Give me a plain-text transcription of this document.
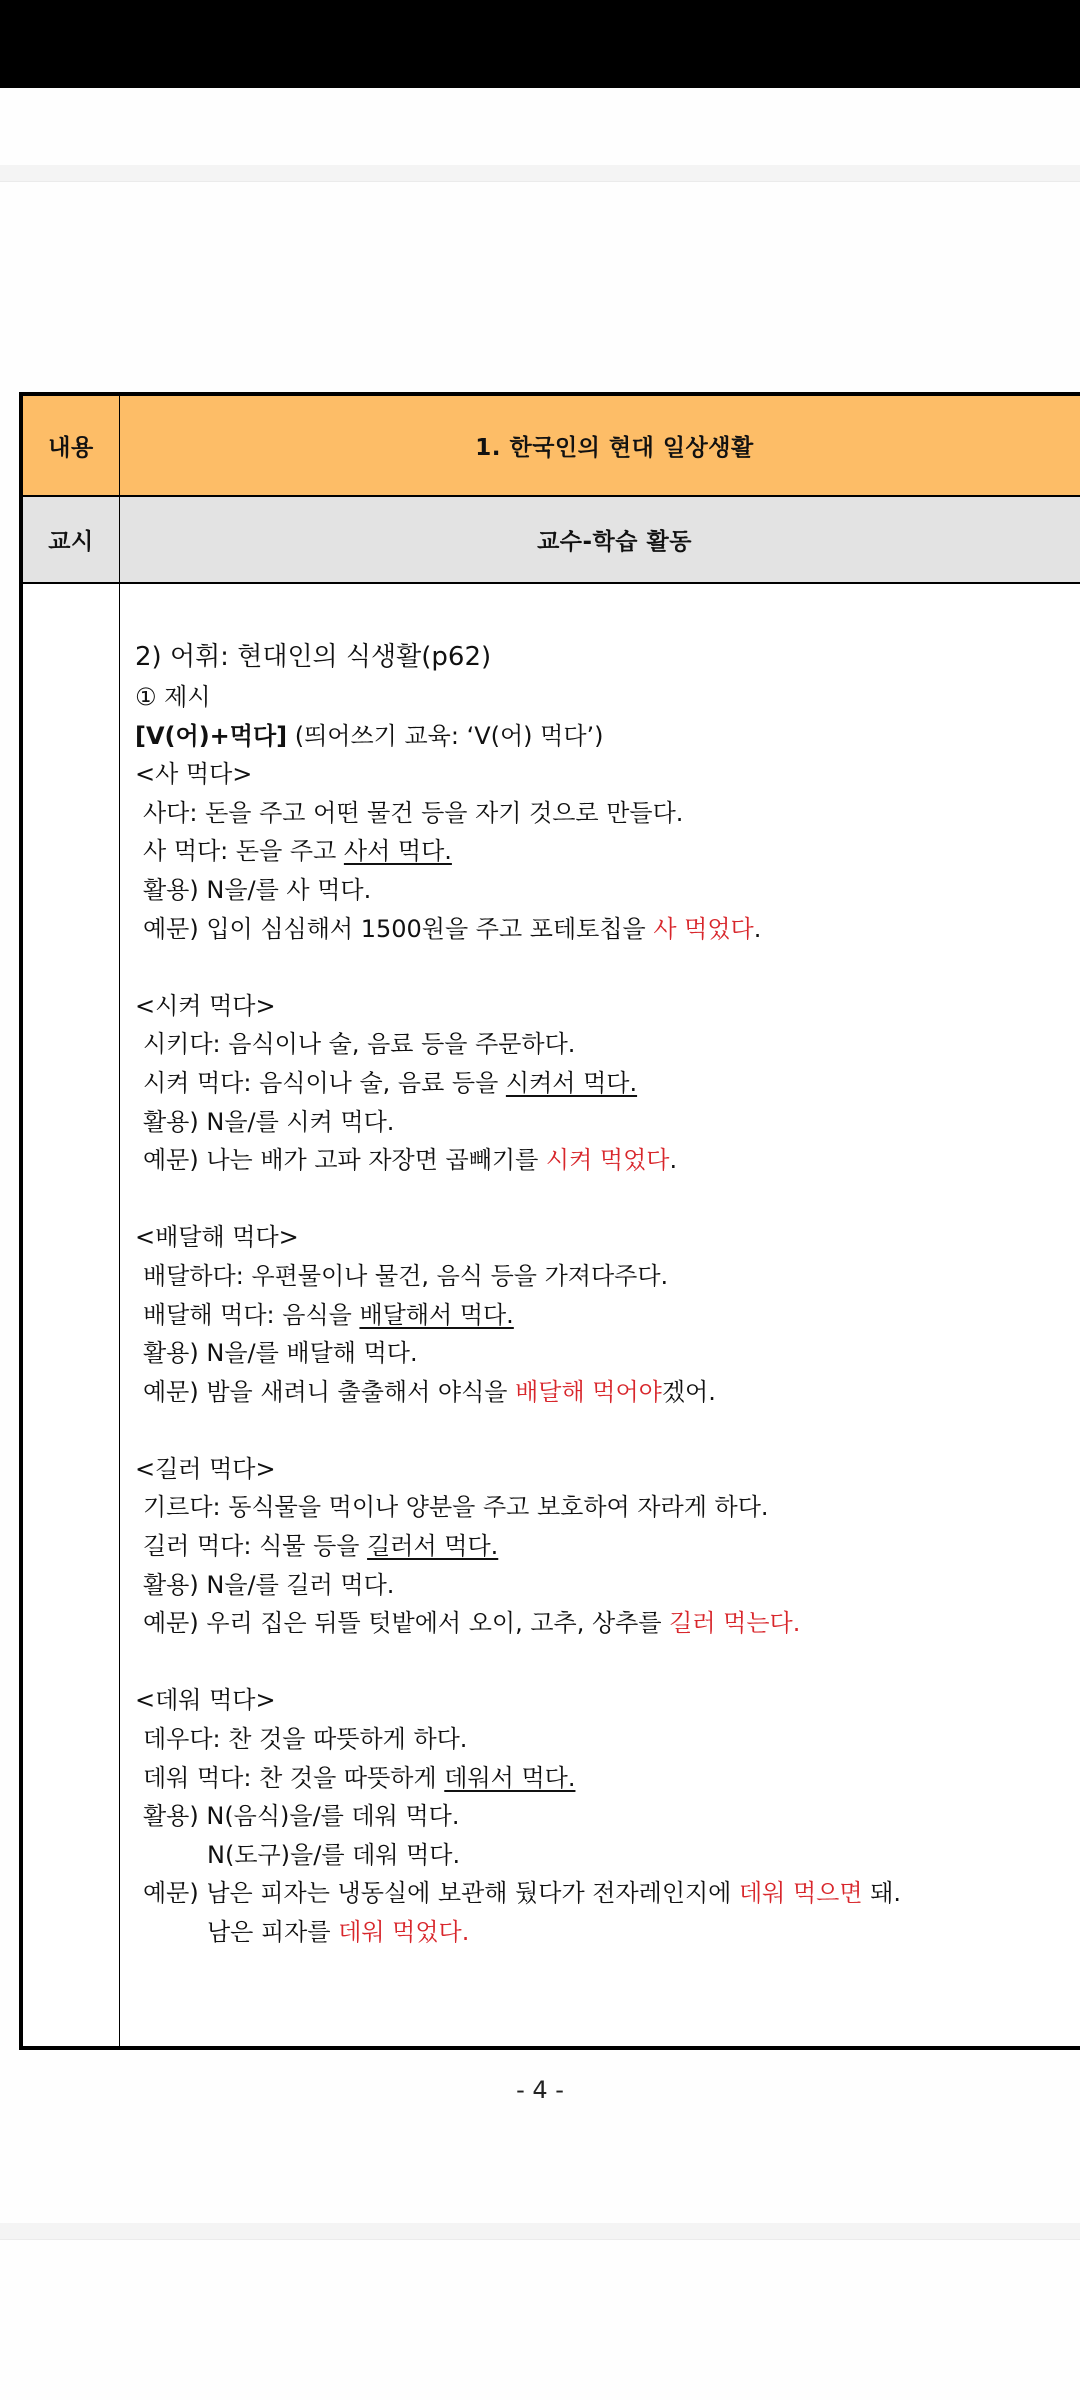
내용	1. 한국인의 현대 일상생활
교시	교수-학습 활동
2) 어휘: 현대인의 식생활(p62)
① 제시
[V(어)+먹다] (띄어쓰기 교육: ‘V(어) 먹다’)
<사 먹다>
사다: 돈을 주고 어떤 물건 등을 자기 것으로 만들다.
사 먹다: 돈을 주고 사서 먹다.
활용) N을/를 사 먹다.
예문) 입이 심심해서 1500원을 주고 포테토칩을 사 먹었다.
<시켜 먹다>
시키다: 음식이나 술, 음료 등을 주문하다.
시켜 먹다: 음식이나 술, 음료 등을 시켜서 먹다.
활용) N을/를 시켜 먹다.
예문) 나는 배가 고파 자장면 곱빼기를 시켜 먹었다.
<배달해 먹다>
배달하다: 우편물이나 물건, 음식 등을 가져다주다.
배달해 먹다: 음식을 배달해서 먹다.
활용) N을/를 배달해 먹다.
예문) 밤을 새려니 출출해서 야식을 배달해 먹어야겠어.
<길러 먹다>
기르다: 동식물을 먹이나 양분을 주고 보호하여 자라게 하다.
길러 먹다: 식물 등을 길러서 먹다.
활용) N을/를 길러 먹다.
예문) 우리 집은 뒤뜰 텃밭에서 오이, 고추, 상추를 길러 먹는다.
<데워 먹다>
데우다: 찬 것을 따뜻하게 하다.
데워 먹다: 찬 것을 따뜻하게 데워서 먹다.
활용) N(음식)을/를 데워 먹다.
N(도구)을/를 데워 먹다.
예문) 남은 피자는 냉동실에 보관해 뒀다가 전자레인지에 데워 먹으면 돼.
남은 피자를 데워 먹었다.
- 4 -
